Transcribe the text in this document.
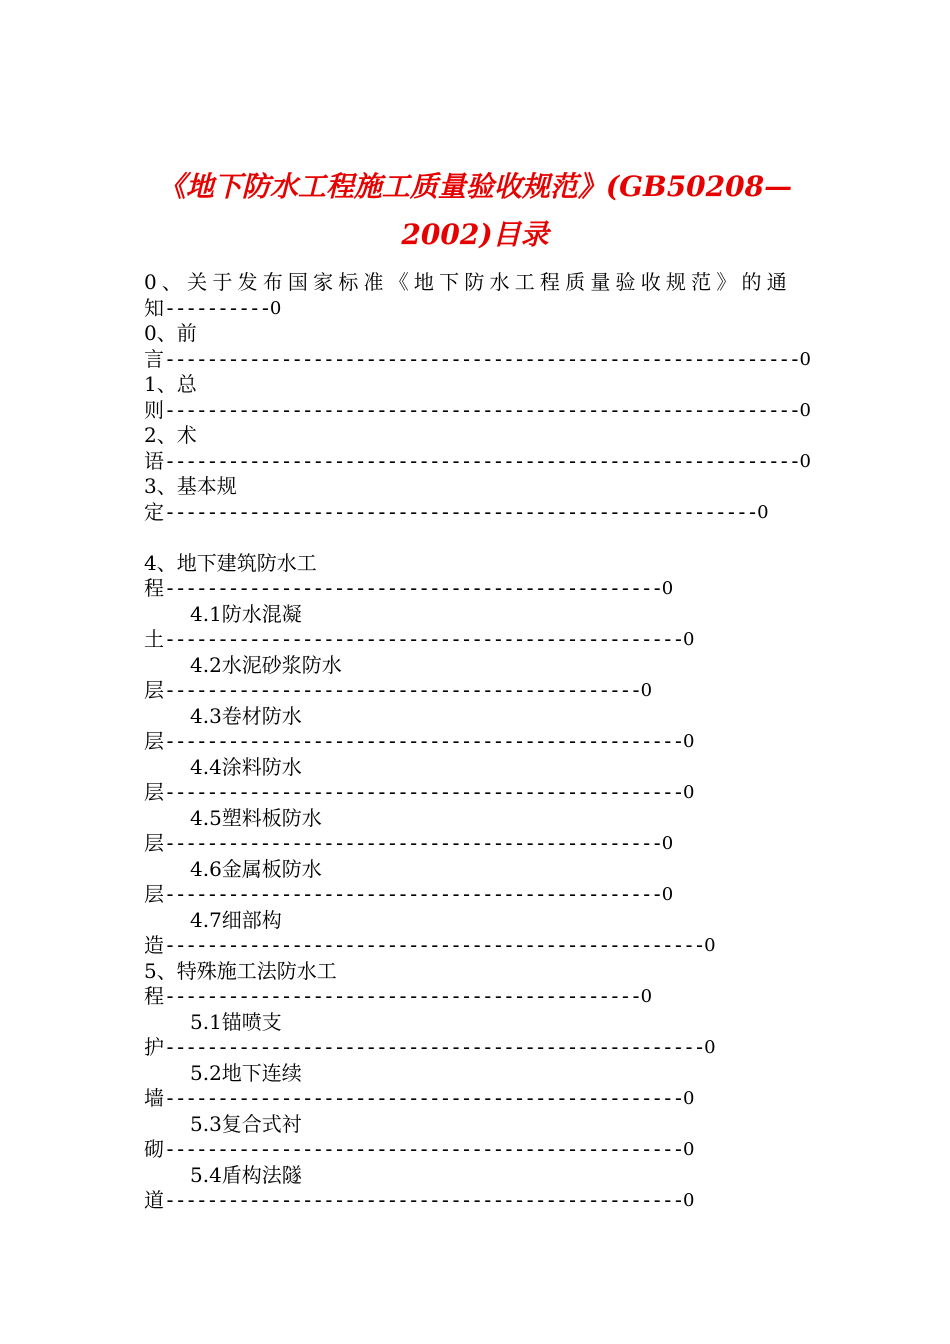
《地下防水工程施工质量验收规范》(GB50208—
2002)目录
0、关于发布国家标准《地下防水工程质量验收规范》的通
知----------0
0、前
言------------------------------------------------------------0
1、总
则------------------------------------------------------------0
2、术
语------------------------------------------------------------0
3、基本规
定--------------------------------------------------------0
4、地下建筑防水工
程-----------------------------------------------0
4.1防水混凝
土-------------------------------------------------0
4.2水泥砂浆防水
层---------------------------------------------0
4.3卷材防水
层-------------------------------------------------0
4.4涂料防水
层-------------------------------------------------0
4.5塑料板防水
层-----------------------------------------------0
4.6金属板防水
层-----------------------------------------------0
4.7细部构
造---------------------------------------------------0
5、特殊施工法防水工
程---------------------------------------------0
5.1锚喷支
护---------------------------------------------------0
5.2地下连续
墙-------------------------------------------------0
5.3复合式衬
砌-------------------------------------------------0
5.4盾构法隧
道-------------------------------------------------0
